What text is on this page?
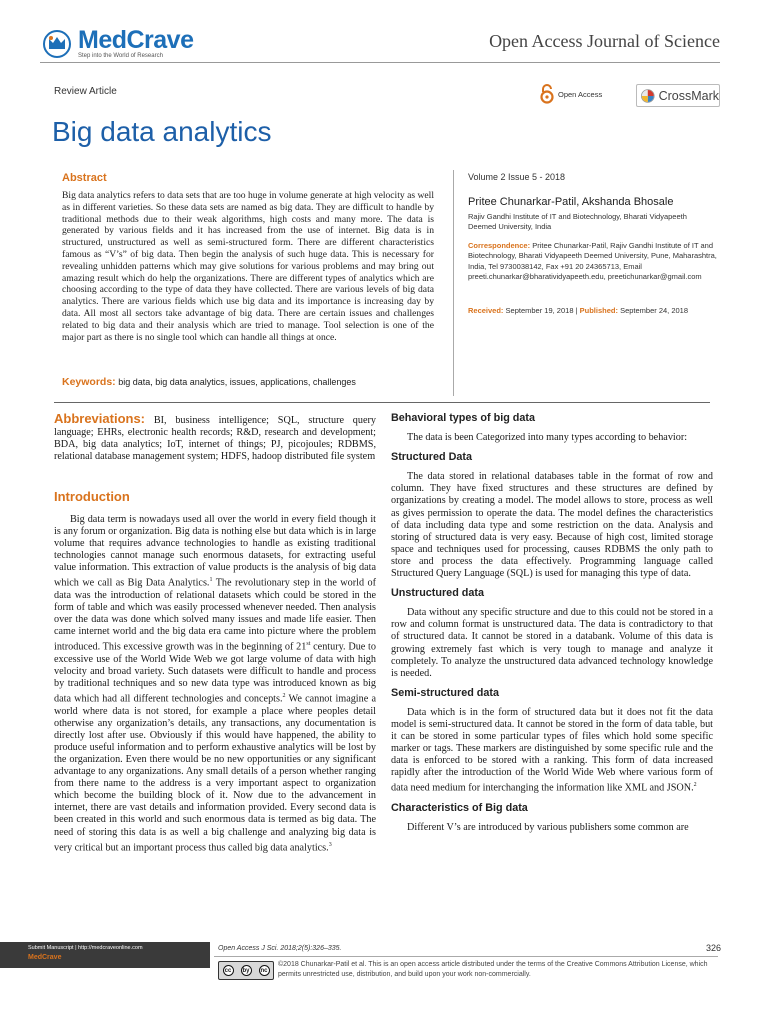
MedCrave
Step into the World of Research
Open Access Journal of Science
Review Article	Open Access	CrossMark
Big data analytics
Abstract
Big data analytics refers to data sets that are too huge in volume generate at high velocity as well as in different varieties. So these data sets are named as big data. They are difficult to handle by traditional methods due to their weak algorithms, high costs and many more. The data is generated by various fields and it has increased from the use of internet. Big data is in structured, unstructured as well as semi-structured form. There are different characteristics famous as “V’s” of big data. Then begin the analysis of such huge data. This is necessary for revealing unhidden patterns which may give solutions for various problems and may bring out amazing result which do help the organizations. There are different types of analytics which are choosing according to the type of data they have collected. There are various levels of big data analytics. There are various fields which use big data and its importance is increasing day by data. All most all sectors take advantage of big data. There are certain issues and challenges related to big data and their analysis which are tried to manage. Tool selection is one of the major part as there is no single tool which can handle all things at once.
Keywords: big data, big data analytics, issues, applications, challenges
Volume 2 Issue 5 - 2018
Pritee Chunarkar-Patil, Akshanda Bhosale
Rajiv Gandhi Institute of IT and Biotechnology, Bharati Vidyapeeth Deemed University, India
Correspondence: Pritee Chunarkar-Patil, Rajiv Gandhi Institute of IT and Biotechnology, Bharati Vidyapeeth Deemed University, Pune, Maharashtra, India, Tel 9730038142, Fax +91 20 24365713, Email preeti.chunarkar@bharatividyapeeth.edu, preetichunarkar@gmail.com
Received: September 19, 2018 | Published: September 24, 2018
Abbreviations: BI, business intelligence; SQL, structure query language; EHRs, electronic health records; R&D, research and development; BDA, big data analytics; IoT, internet of things; PJ, picojoules; RDBMS, relational database management system; HDFS, hadoop distributed file system
Introduction

Big data term is nowadays used all over the world in every field though it is any forum or organization. Big data is nothing else but data which is in large volume that requires advance technologies to handle as existing traditional technologies cannot manage such enormous datasets, for extracting useful value information. This extraction of value products is the analysis of big data which we call as Big Data Analytics.$^1$ The revolutionary step in the world of data was the introduction of relational datasets which could be stored in the form of table and which was easily processed whenever needed. Then analysis over the data was done which solved many issues and made life easier. Then came internet world and the big data era came into picture where the problem introduced. This excessive growth was in the beginning of 21st century. Due to excessive use of the World Wide Web we got large volume of data with high velocity and broad variety. Such datasets were difficult to handle and process by traditional techniques and so new data type was introduced known as big data which had all different technologies and concepts.$^2$ We cannot imagine a world where data is not stored, for example a place where peoples detail otherwise any organization’s details, any transactions, any documentation is directly lost after use. Obviously if this would have happened, the ability to produce useful information and to perform exhaustive analytics will be lost by the organization. Even there would be no new opportunities or any significant advantage to any organizations. Any small details of a person whether ranging from there name to the address is a very important aspect to organization which become the building block of it. Now due to the advancement in internet, there are vast details and information provided. Every second data is been created in this world and such enormous data is termed as big data. The need of storing this data is as well a big challenge and analyzing big data is very critical but an important process thus called big data analytics.$^3$

Behavioral types of big data

The data is been Categorized into many types according to behavior:

Structured Data

The data stored in relational databases table in the format of row and column. They have fixed structures and these structures are defined by organizations by creating a model. The model allows to store, process as well as gives permission to operate the data. The model defines the characteristics of data including data type and some restriction on the data. Analysis and storing of structured data is very easy. Because of high cost, limited storage space and techniques used for processing, causes RDBMS the only path to store and process the data effectively. Programming language called Structured Query Language (SQL) is used for managing this type of data.

Unstructured data

Data without any specific structure and due to this could not be stored in a row and column format is unstructured data. The data is contradictory to that of structured data. It cannot be stored in a databank. Volume of this data is growing extremely fast which is very tough to manage and analyze it completely. To analyze the unstructured data advanced technology knowledge is needed.

Semi-structured data

Data which is in the form of structured data but it does not fit the data model is semi-structured data. It cannot be stored in the form of data table, but it can be stored in some particular types of files which hold some specific marker or tags. These markers are distinguished by some specific rule and the data is enforced to be stored with a ranking. This form of data increased rapidly after the introduction of the World Wide Web where various form of data need medium for interchanging the information like XML and JSON.$^2$

Characteristics of Big data

Different V’s are introduced by various publishers some common are

Submit Manuscript | http://medcraveonline.com
MedCrave
Open Access J Sci. 2018;2(5):326‒335.	326
cc	by	nc
©2018 Chunarkar-Patil et al. This is an open access article distributed under the terms of the Creative Commons Attribution License, which permits unrestricted use, distribution, and build upon your work non-commercially.
